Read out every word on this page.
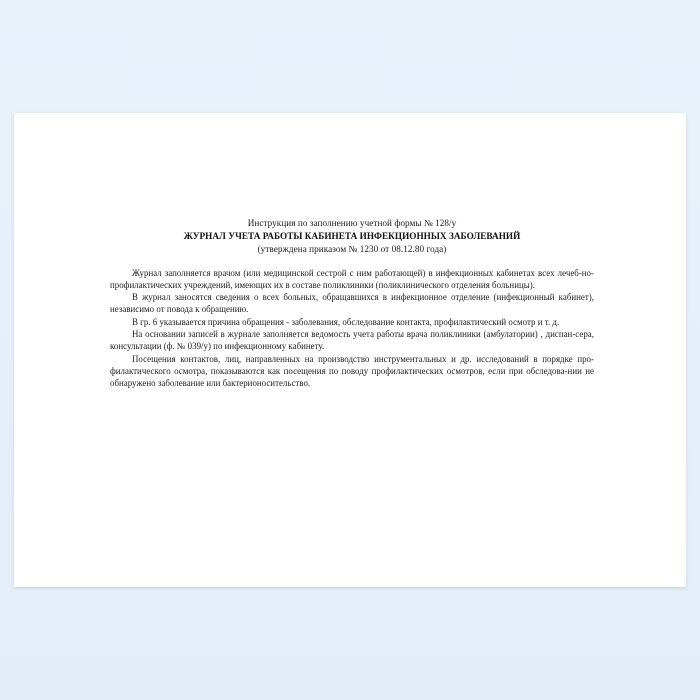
Инструкция по заполнению учетной формы № 128/у
ЖУРНАЛ УЧЕТА РАБОТЫ КАБИНЕТА ИНФЕКЦИОННЫХ ЗАБОЛЕВАНИЙ
(утверждена приказом № 1230 от 08.12.80 года)

Журнал заполняется врачом (или медицинской сестрой с ним работающей) в инфекционных кабинетах всех лечеб-но-профилактических учреждений, имеющих их в составе поликлиники (поликлинического отделения больницы).

В журнал заносятся сведения о всех больных, обращавшихся в инфекционное отделение (инфекционный кабинет), независимо от повода к обращению.

В гр. 6 указывается причина обращения - заболевания, обследование контакта, профилактический осмотр и т. д.

На основании записей в журнале заполняется ведомость учета работы врача поликлиники (амбулатории) , диспан-сера, консультации (ф. № 039/у) по инфекционному кабинету.

Посещения контактов, лиц, направленных на производство инструментальных и др. исследований в порядке про-филактического осмотра, показываются как посещения по поводу профилактических осмотров, если при обследова-нии не обнаружено заболевание или бактерионосительство.
